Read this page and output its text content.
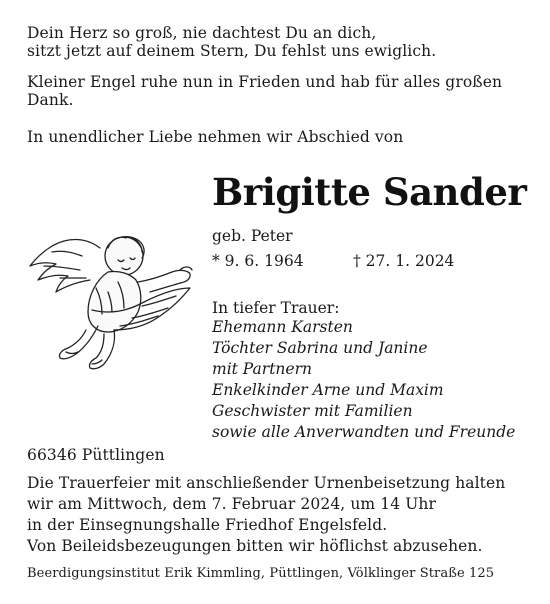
Dein Herz so groß, nie dachtest Du an dich,
sitzt jetzt auf deinem Stern, Du fehlst uns ewiglich.
Kleiner Engel ruhe nun in Frieden und hab für alles großen
Dank.
In unendlicher Liebe nehmen wir Abschied von
Brigitte Sander
geb. Peter
* 9. 6. 1964	† 27. 1. 2024
In tiefer Trauer:
Ehemann Karsten
Töchter Sabrina und Janine
mit Partnern
Enkelkinder Arne und Maxim
Geschwister mit Familien
sowie alle Anverwandten und Freunde
66346 Püttlingen
Die Trauerfeier mit anschließender Urnenbeisetzung halten
wir am Mittwoch, dem 7. Februar 2024, um 14 Uhr
in der Einsegnungshalle Friedhof Engelsfeld.
Von Beileidsbezeugungen bitten wir höflichst abzusehen.
Beerdigungsinstitut Erik Kimmling, Püttlingen, Völklinger Straße 125
